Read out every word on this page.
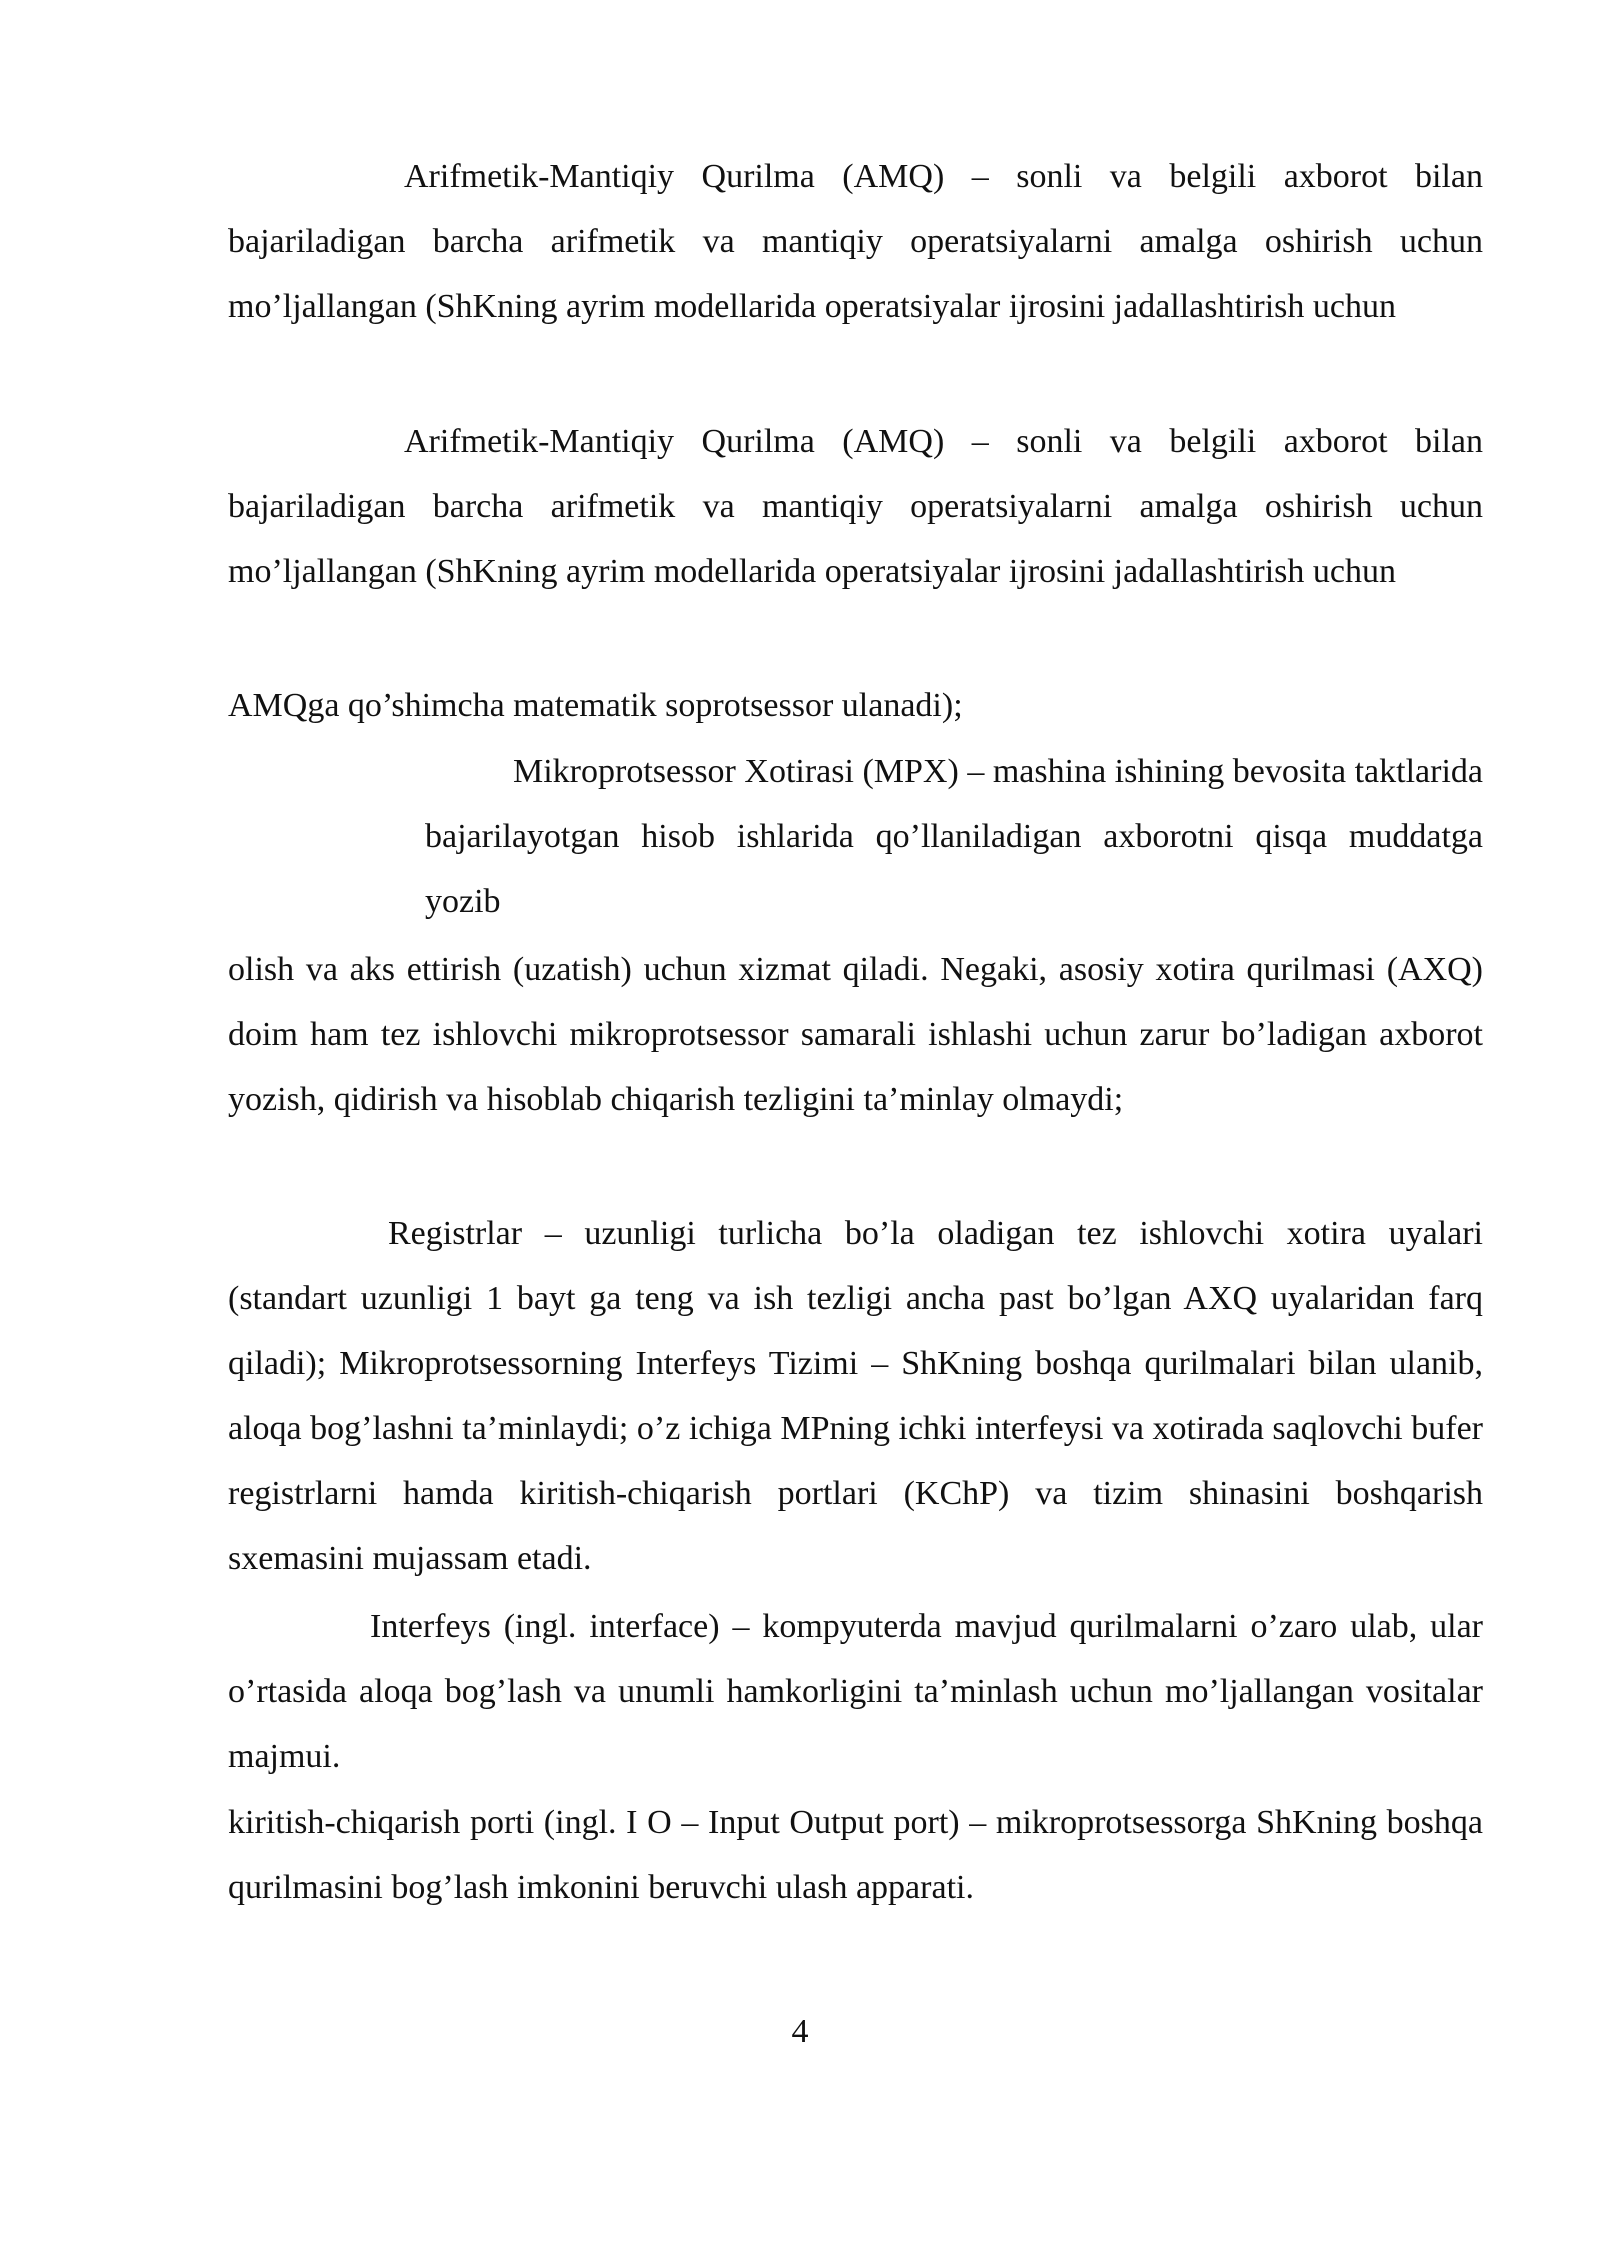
Arifmetik-Mantiqiy Qurilma (AMQ) – sonli va belgili axborot bilan bajariladigan barcha arifmetik va mantiqiy operatsiyalarni amalga oshirish uchun mo’ljallangan (ShKning ayrim modellarida operatsiyalar ijrosini jadallashtirish uchun

Arifmetik-Mantiqiy Qurilma (AMQ) – sonli va belgili axborot bilan bajariladigan barcha arifmetik va mantiqiy operatsiyalarni amalga oshirish uchun mo’ljallangan (ShKning ayrim modellarida operatsiyalar ijrosini jadallashtirish uchun

AMQga qo’shimcha matematik soprotsessor ulanadi);

Mikroprotsessor Xotirasi (MPX) – mashina ishining bevosita taktlarida bajarilayotgan hisob ishlarida qo’llaniladigan axborotni qisqa muddatga yozib

olish va aks ettirish (uzatish) uchun xizmat qiladi. Negaki, asosiy xotira qurilmasi (AXQ) doim ham tez ishlovchi mikroprotsessor samarali ishlashi uchun zarur bo’ladigan axborot yozish, qidirish va hisoblab chiqarish tezligini ta’minlay olmaydi;

Registrlar – uzunligi turlicha bo’la oladigan tez ishlovchi xotira uyalari (standart uzunligi 1 bayt ga teng va ish tezligi ancha past bo’lgan AXQ uyalaridan farq qiladi); Mikroprotsessorning Interfeys Tizimi – ShKning boshqa qurilmalari bilan ulanib, aloqa bog’lashni ta’minlaydi; o’z ichiga MPning ichki interfeysi va xotirada saqlovchi bufer registrlarni hamda kiritish-chiqarish portlari (KChP) va tizim shinasini boshqarish sxemasini mujassam etadi.

Interfeys (ingl. interface) – kompyuterda mavjud qurilmalarni o’zaro ulab, ular o’rtasida aloqa bog’lash va unumli hamkorligini ta’minlash uchun mo’ljallangan vositalar majmui.

kiritish-chiqarish porti (ingl. I O – Input Output port) – mikroprotsessorga ShKning boshqa qurilmasini bog’lash imkonini beruvchi ulash apparati.

4
